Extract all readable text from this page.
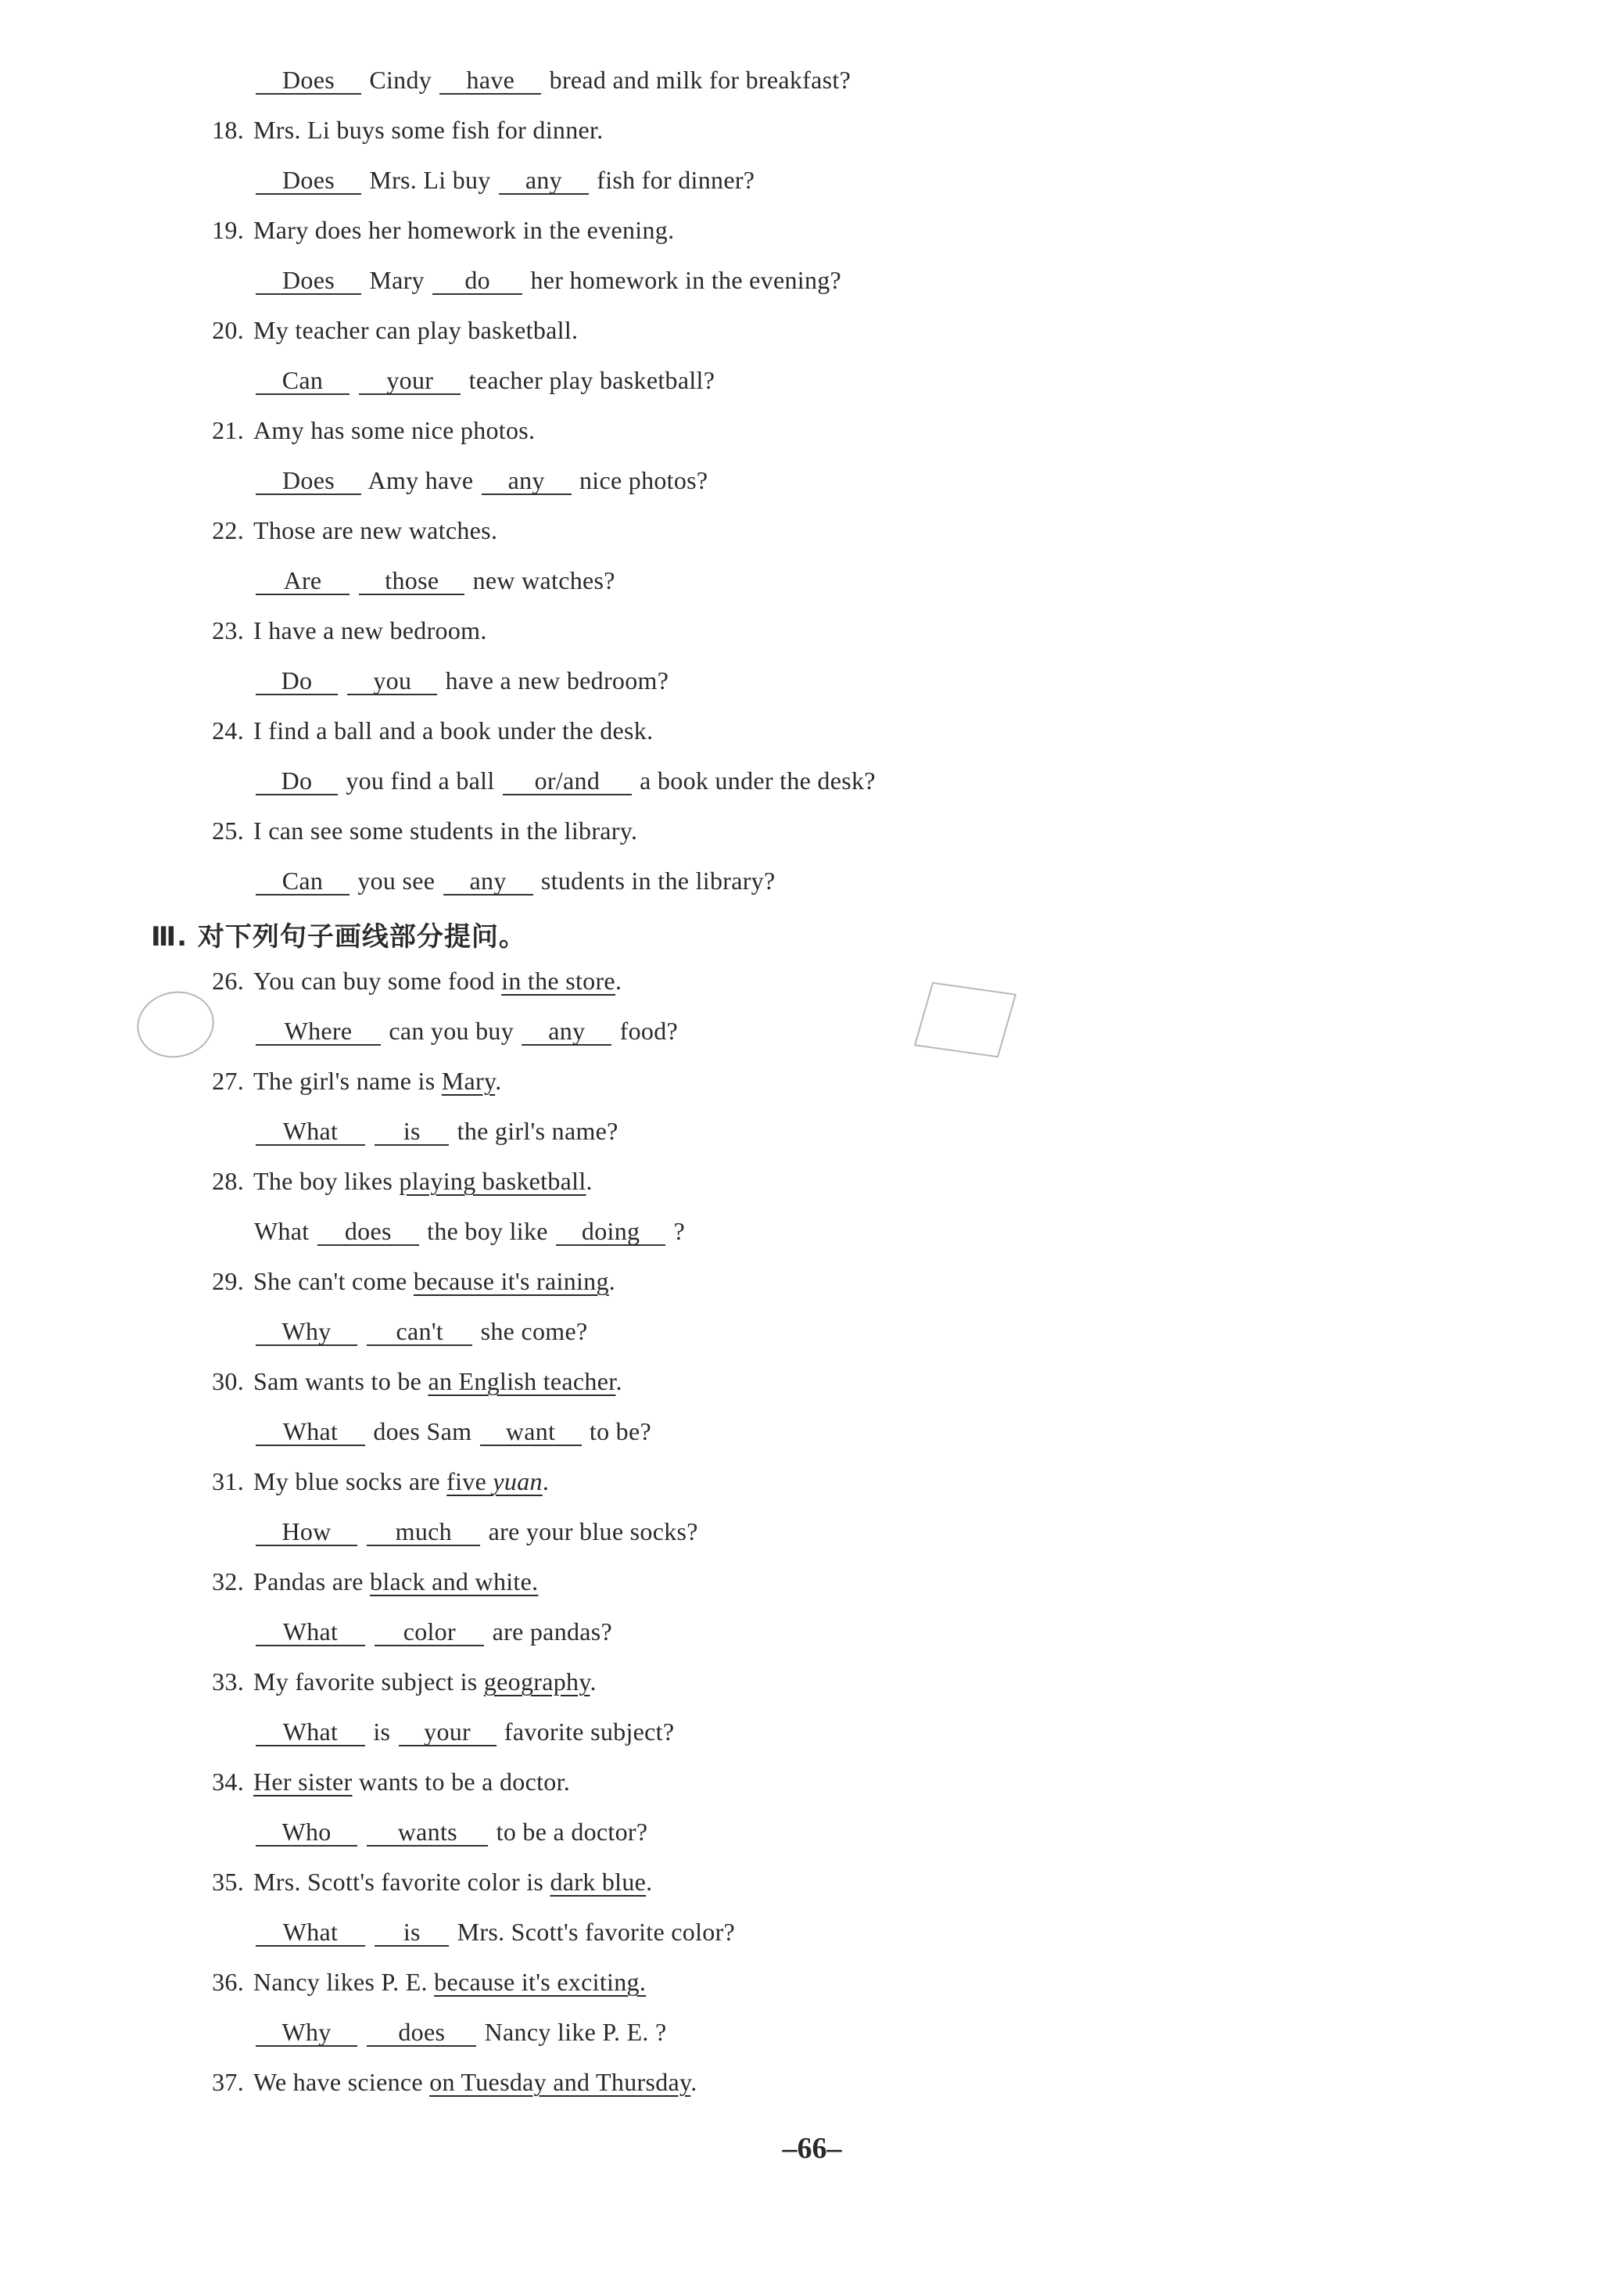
Does Cindy have bread and milk for breakfast?
18. Mrs. Li buys some fish for dinner.
Does Mrs. Li buy any fish for dinner?
19. Mary does her homework in the evening.
Does Mary do her homework in the evening?
20. My teacher can play basketball.
Can	your teacher play basketball?
21. Amy has some nice photos.
Does Amy have any nice photos?
22. Those are new watches.
Are	those new watches?
23. I have a new bedroom.
Do you have a new bedroom?
24. I find a ball and a book under the desk.
Do you find a ball or/and a book under the desk?
25. I can see some students in the library.
Can you see any students in the library?
Ⅲ. 对下列句子画线部分提问。
26. You can buy some food in the store.
Where can you buy any food?
27. The girl's name is Mary.
What	is the girl's name?
28. The boy likes playing basketball.
What does the boy like doing ?
29. She can't come because it's raining.
Why	can't she come?
30. Sam wants to be an English teacher.
What does Sam want to be?
31. My blue socks are five yuan.
How	much are your blue socks?
32. Pandas are black and white.
What	color are pandas?
33. My favorite subject is geography.
What is your favorite subject?
34. Her sister wants to be a doctor.
Who	wants to be a doctor?
35. Mrs. Scott's favorite color is dark blue.
What	is Mrs. Scott's favorite color?
36. Nancy likes P. E. because it's exciting.
Why	does Nancy like P. E. ?
37. We have science on Tuesday and Thursday.
–66–
